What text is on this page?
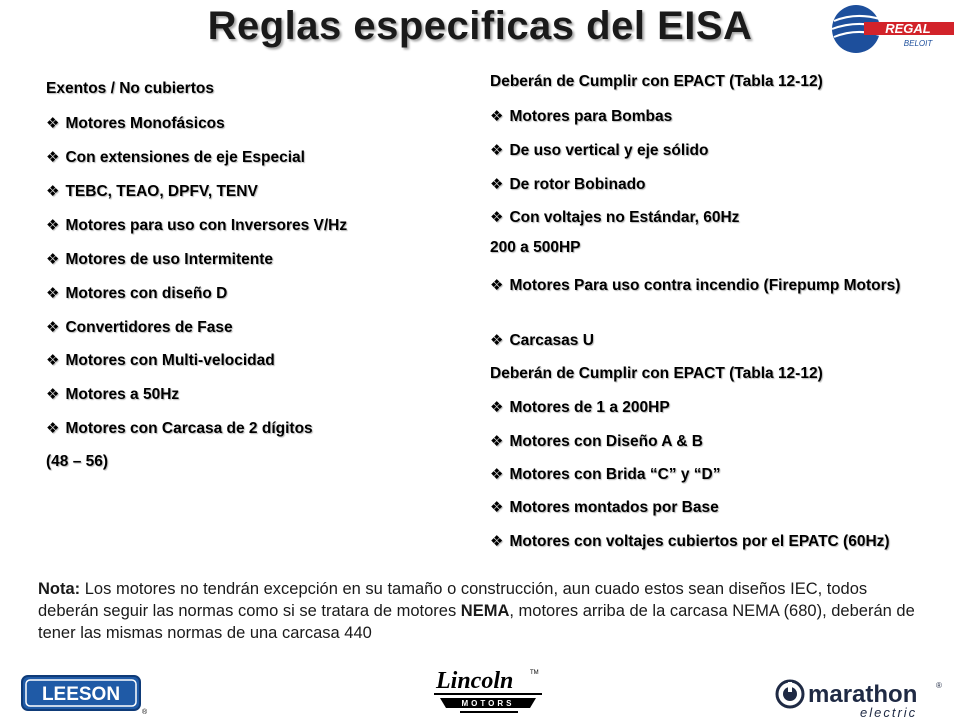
Reglas especificas del EISA	REGAL
BELOIT
Exentos / No cubiertos
❖ Motores Monofásicos
❖ Con extensiones de eje Especial
❖ TEBC, TEAO, DPFV, TENV
❖ Motores para uso con Inversores V/Hz
❖ Motores de uso Intermitente
❖ Motores con diseño D
❖ Convertidores de Fase
❖ Motores con Multi-velocidad
❖ Motores a 50Hz
❖ Motores con Carcasa de 2 dígitos
(48 – 56)
Deberán de Cumplir con EPACT (Tabla 12-12)
❖ Motores para Bombas
❖ De uso vertical y eje sólido
❖ De rotor Bobinado
❖ Con voltajes no Estándar, 60Hz
200 a 500HP
❖ Motores Para uso contra incendio (Firepump Motors)
❖ Carcasas U
Deberán de Cumplir con EPACT (Tabla 12-12)
❖ Motores de 1 a 200HP
❖ Motores con Diseño A & B
❖ Motores con Brida “C” y “D”
❖ Motores montados por Base
❖ Motores con voltajes cubiertos por el EPATC (60Hz)
Nota: Los motores no tendrán excepción en su tamaño o construcción, aun cuado estos sean diseños IEC, todos deberán seguir las normas como si se tratara de motores NEMA, motores arriba de la carcasa NEMA (680), deberán de tener las mismas normas de una carcasa 440
LEESON
®
Lincoln	TM
MOTORS	marathon ®
electric
